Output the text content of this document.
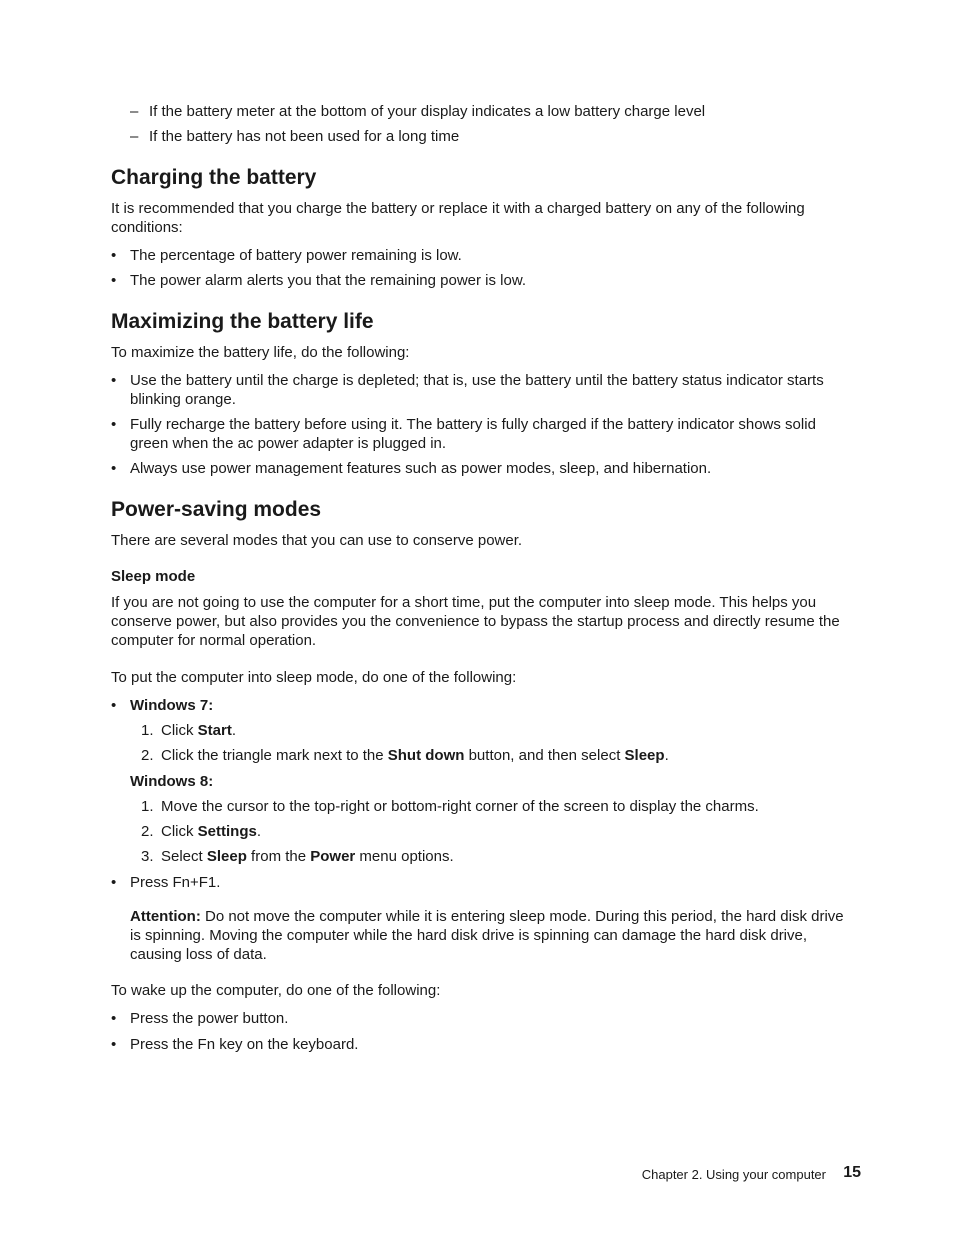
– If the battery meter at the bottom of your display indicates a low battery charge level
– If the battery has not been used for a long time
Charging the battery
It is recommended that you charge the battery or replace it with a charged battery on any of the following conditions:
• The percentage of battery power remaining is low.
• The power alarm alerts you that the remaining power is low.
Maximizing the battery life
To maximize the battery life, do the following:
• Use the battery until the charge is depleted; that is, use the battery until the battery status indicator starts blinking orange.
• Fully recharge the battery before using it. The battery is fully charged if the battery indicator shows solid green when the ac power adapter is plugged in.
• Always use power management features such as power modes, sleep, and hibernation.
Power-saving modes
There are several modes that you can use to conserve power.
Sleep mode
If you are not going to use the computer for a short time, put the computer into sleep mode. This helps you conserve power, but also provides you the convenience to bypass the startup process and directly resume the computer for normal operation.
To put the computer into sleep mode, do one of the following:
• Windows 7:
1. Click Start.
2. Click the triangle mark next to the Shut down button, and then select Sleep.
Windows 8:
1. Move the cursor to the top-right or bottom-right corner of the screen to display the charms.
2. Click Settings.
3. Select Sleep from the Power menu options.
• Press Fn+F1.
Attention: Do not move the computer while it is entering sleep mode. During this period, the hard disk drive is spinning. Moving the computer while the hard disk drive is spinning can damage the hard disk drive, causing loss of data.
To wake up the computer, do one of the following:
• Press the power button.
• Press the Fn key on the keyboard.
Chapter 2. Using your computer 15
